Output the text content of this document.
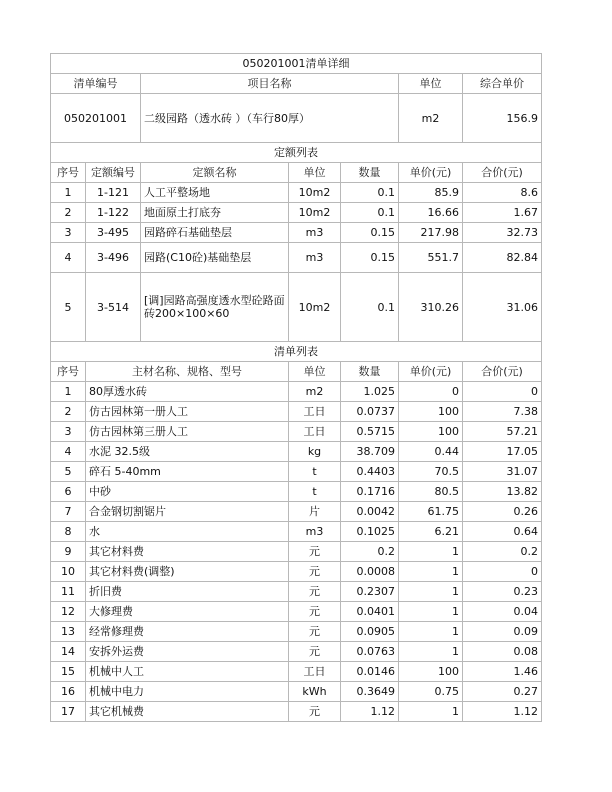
050201001清单详细						
清单编号		项目名称			单位	综合单价
050201001		二级园路（透水砖 ）（车行80厚）			m2	156.9
定额列表						
序号	定额编号	定额名称	单位	数量	单价(元)	合价(元)
1	1-121	人工平整场地	10m2	0.1	85.9	8.6
2	1-122	地面原土打底夯	10m2	0.1	16.66	1.67
3	3-495	园路碎石基础垫层	m3	0.15	217.98	32.73
4	3-496	园路(C10砼)基础垫层	m3	0.15	551.7	82.84
5	3-514	[调]园路高强度透水型砼路面砖200×100×60	10m2	0.1	310.26	31.06
清单列表						
序号	主材名称、规格、型号		单位	数量	单价(元)	合价(元)
1	80厚透水砖		m2	1.025	0	0
2	仿古园林第一册人工		工日	0.0737	100	7.38
3	仿古园林第三册人工		工日	0.5715	100	57.21
4	水泥 32.5级		kg	38.709	0.44	17.05
5	碎石 5-40mm		t	0.4403	70.5	31.07
6	中砂		t	0.1716	80.5	13.82
7	合金钢切割锯片		片	0.0042	61.75	0.26
8	水		m3	0.1025	6.21	0.64
9	其它材料费		元	0.2	1	0.2
10	其它材料费(调整)		元	0.0008	1	0
11	折旧费		元	0.2307	1	0.23
12	大修理费		元	0.0401	1	0.04
13	经常修理费		元	0.0905	1	0.09
14	安拆外运费		元	0.0763	1	0.08
15	机械中人工		工日	0.0146	100	1.46
16	机械中电力		kWh	0.3649	0.75	0.27
17	其它机械费		元	1.12	1	1.12
